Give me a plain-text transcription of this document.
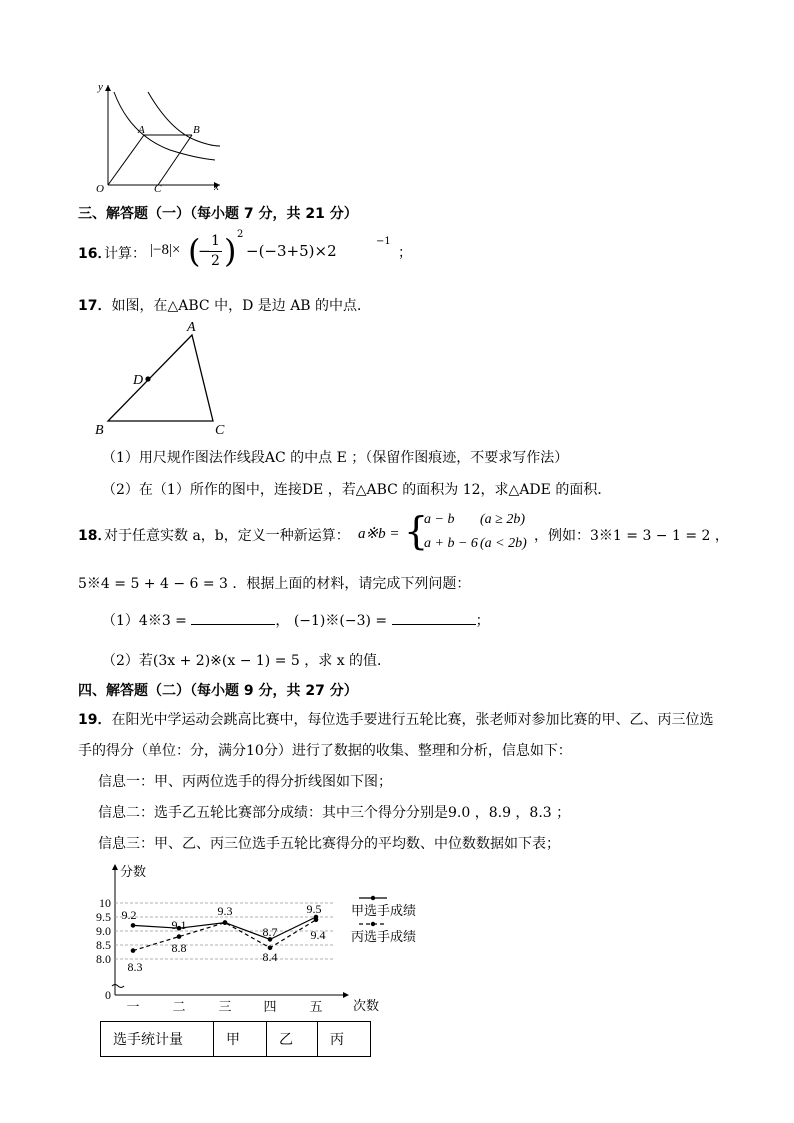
y
x
O
A	B
C
三、解答题（一）（每小题 7 分，共 21 分）
16．
计算： |−8|× (
−
1
2 ) 2
−(−3+5)×2
−1
；
17．如图，在△ABC 中，D 是边 AB 的中点．
A
B	C
D
（1）用尺规作图法作线段AC 的中点 E ；（保留作图痕迹，不要求写作法）
（2）在（1）所作的图中，连接DE ，若△ABC 的面积为 12，求△ADE 的面积．
18．
对于任意实数 a，b，定义一种新运算： a※b = {
a − b (a ≥ 2b)
a + b − 6 (a < 2b) ，例如：3※1 = 3 − 1 = 2 ，
5※4 = 5 + 4 − 6 = 3 ．根据上面的材料，请完成下列问题：
（1）4※3 =	， (−1)※(−3) =	；
（2）若(3x + 2)※(x − 1) = 5 ，求 x 的值．
四、解答题（二）（每小题 9 分，共 27 分）
19．在阳光中学运动会跳高比赛中，每位选手要进行五轮比赛，张老师对参加比赛的甲、乙、丙三位选
手的得分（单位：分，满分10分）进行了数据的收集、整理和分析，信息如下：
信息一：甲、丙两位选手的得分折线图如下图；
信息二：选手乙五轮比赛部分成绩：其中三个得分分别是9.0 ，8.9 ，8.3 ；
信息三：甲、乙、丙三位选手五轮比赛得分的平均数、中位数数据如下表；
0
8.0
8.5
9.0
9.5
10
分数
次数
一	二	三 四	五
9.2
9.1
9.3
8.7
9.5
8.3
8.8
8.4
9.4
甲选手成绩
丙选手成绩
选手统计量	甲	乙	丙
